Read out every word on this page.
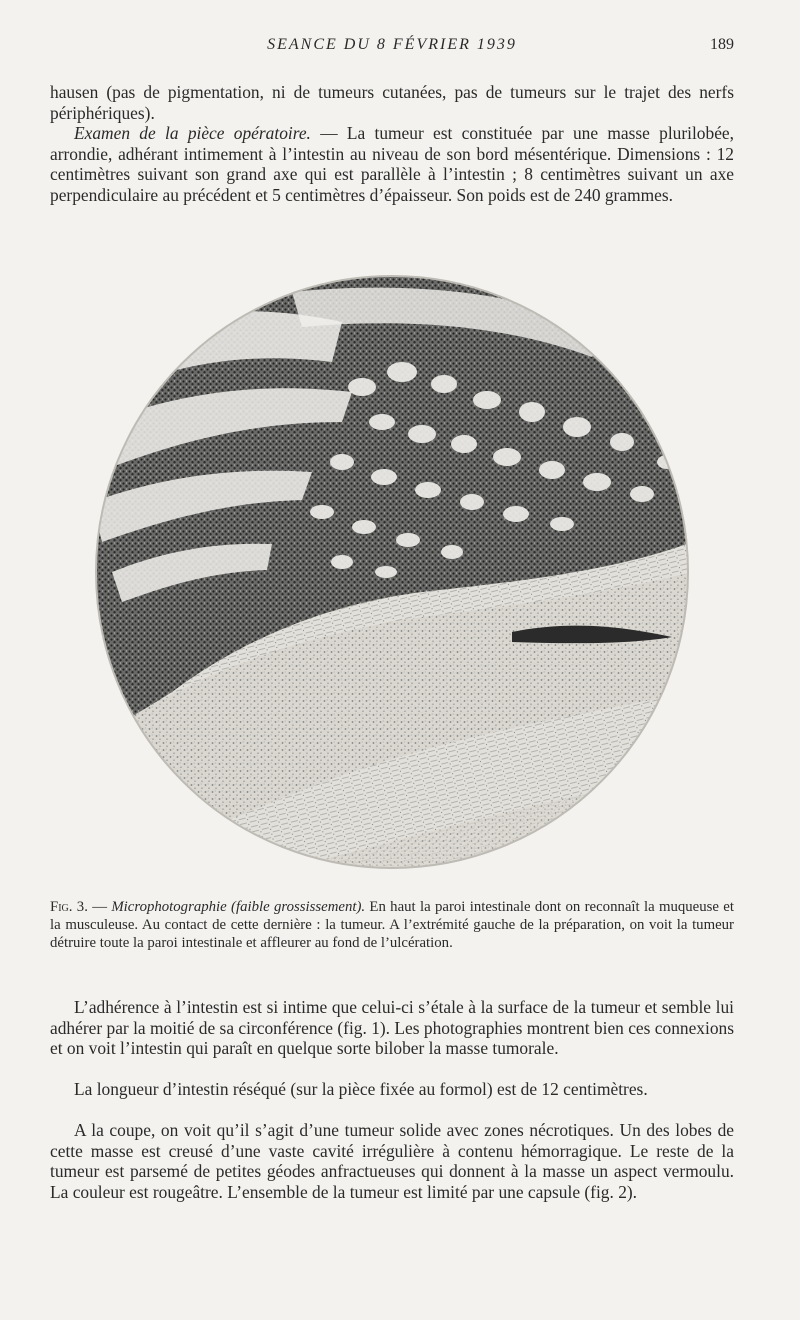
SEANCE DU 8 FÉVRIER 1939	189

hausen (pas de pigmentation, ni de tumeurs cutanées, pas de tumeurs sur le trajet des nerfs périphériques).

Examen de la pièce opératoire. — La tumeur est constituée par une masse plurilobée, arrondie, adhérant intimement à l’intestin au niveau de son bord mésentérique. Dimensions : 12 centimètres suivant son grand axe qui est parallèle à l’intestin ; 8 centimètres suivant un axe perpendiculaire au précédent et 5 centimètres d’épaisseur. Son poids est de 240 grammes.

Fig. 3. — Microphotographie (faible grossissement). En haut la paroi intestinale dont on reconnaît la muqueuse et la musculeuse. Au contact de cette dernière : la tumeur. A l’extrémité gauche de la préparation, on voit la tumeur détruire toute la paroi intestinale et affleurer au fond de l’ulcération.

L’adhérence à l’intestin est si intime que celui-ci s’étale à la surface de la tumeur et semble lui adhérer par la moitié de sa circonférence (fig. 1). Les photographies montrent bien ces connexions et on voit l’intestin qui paraît en quelque sorte bilober la masse tumorale.

La longueur d’intestin réséqué (sur la pièce fixée au formol) est de 12 centimètres.

A la coupe, on voit qu’il s’agit d’une tumeur solide avec zones nécrotiques. Un des lobes de cette masse est creusé d’une vaste cavité irrégulière à contenu hémorragique. Le reste de la tumeur est parsemé de petites géodes anfractueuses qui donnent à la masse un aspect vermoulu. La couleur est rougeâtre. L’ensemble de la tumeur est limité par une capsule (fig. 2).
